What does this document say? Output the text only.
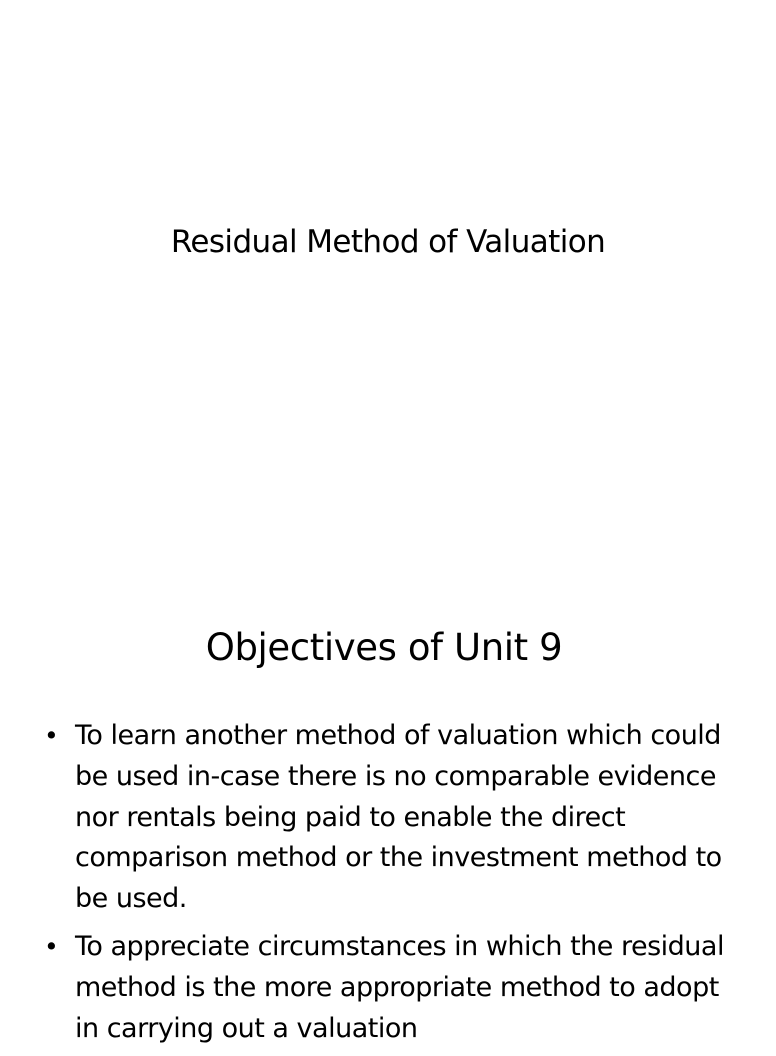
Residual Method of Valuation
Objectives of Unit 9
• To learn another method of valuation which could be used in-case there is no comparable evidence nor rentals being paid to enable the direct comparison method or the investment method to be used.
• To appreciate circumstances in which the residual method is the more appropriate method to adopt in carrying out a valuation
